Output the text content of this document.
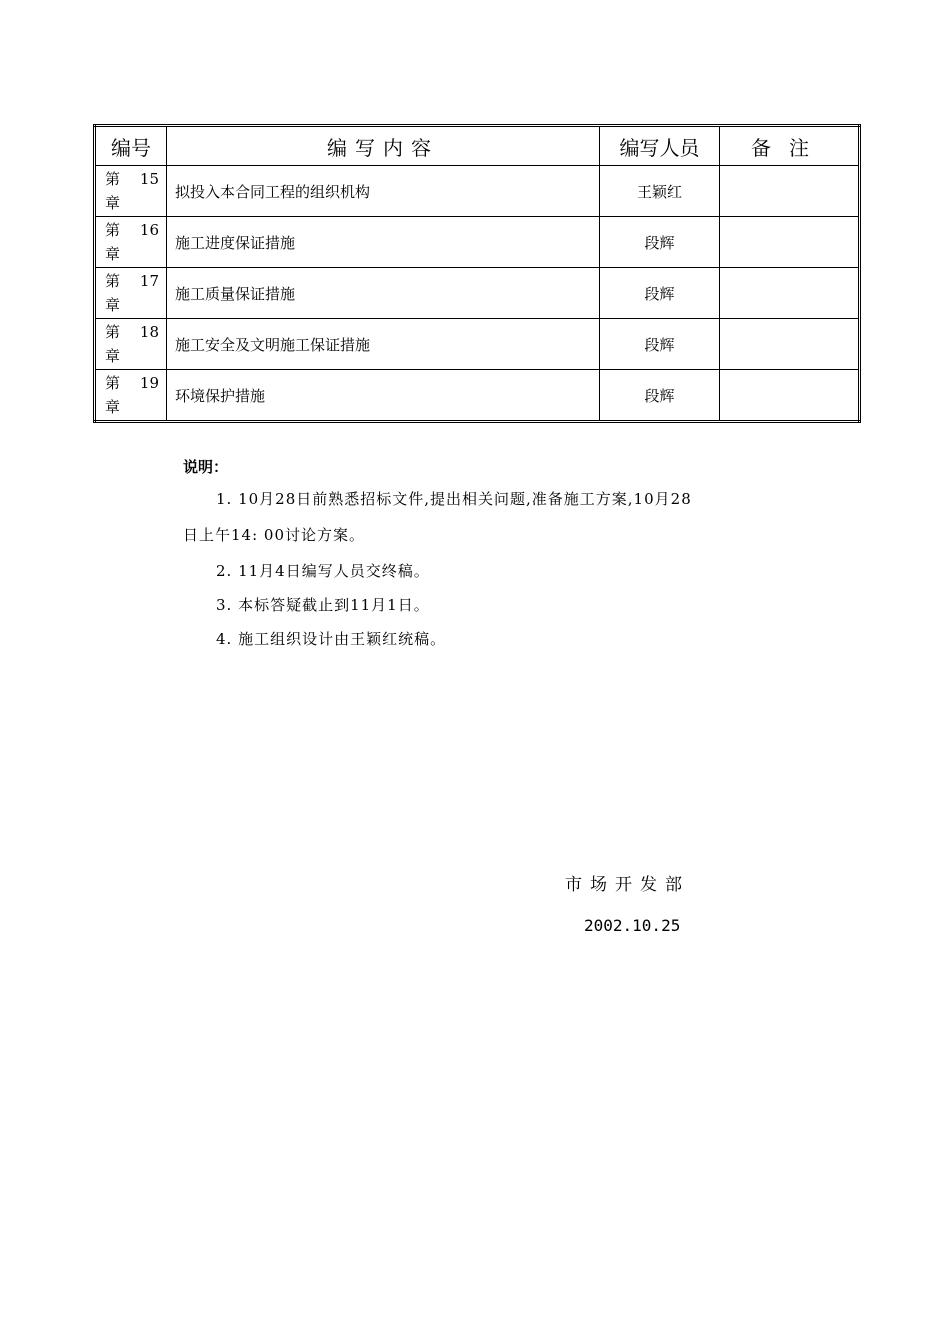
编号	编写内容	编写人员	备注

第 15
章	拟投入本合同工程的组织机构	王颖红	

第 16
章	施工进度保证措施	段辉	

第 17
章	施工质量保证措施	段辉	

第 18
章	施工安全及文明施工保证措施	段辉	

第 19
章	环境保护措施	段辉	
说明：
1. 10月28日前熟悉招标文件,提出相关问题,准备施工方案,10月28
日上午14: 00讨论方案。
2. 11月4日编写人员交终稿。
3. 本标答疑截止到11月1日。
4. 施工组织设计由王颖红统稿。
市场开发部
2002.10.25
